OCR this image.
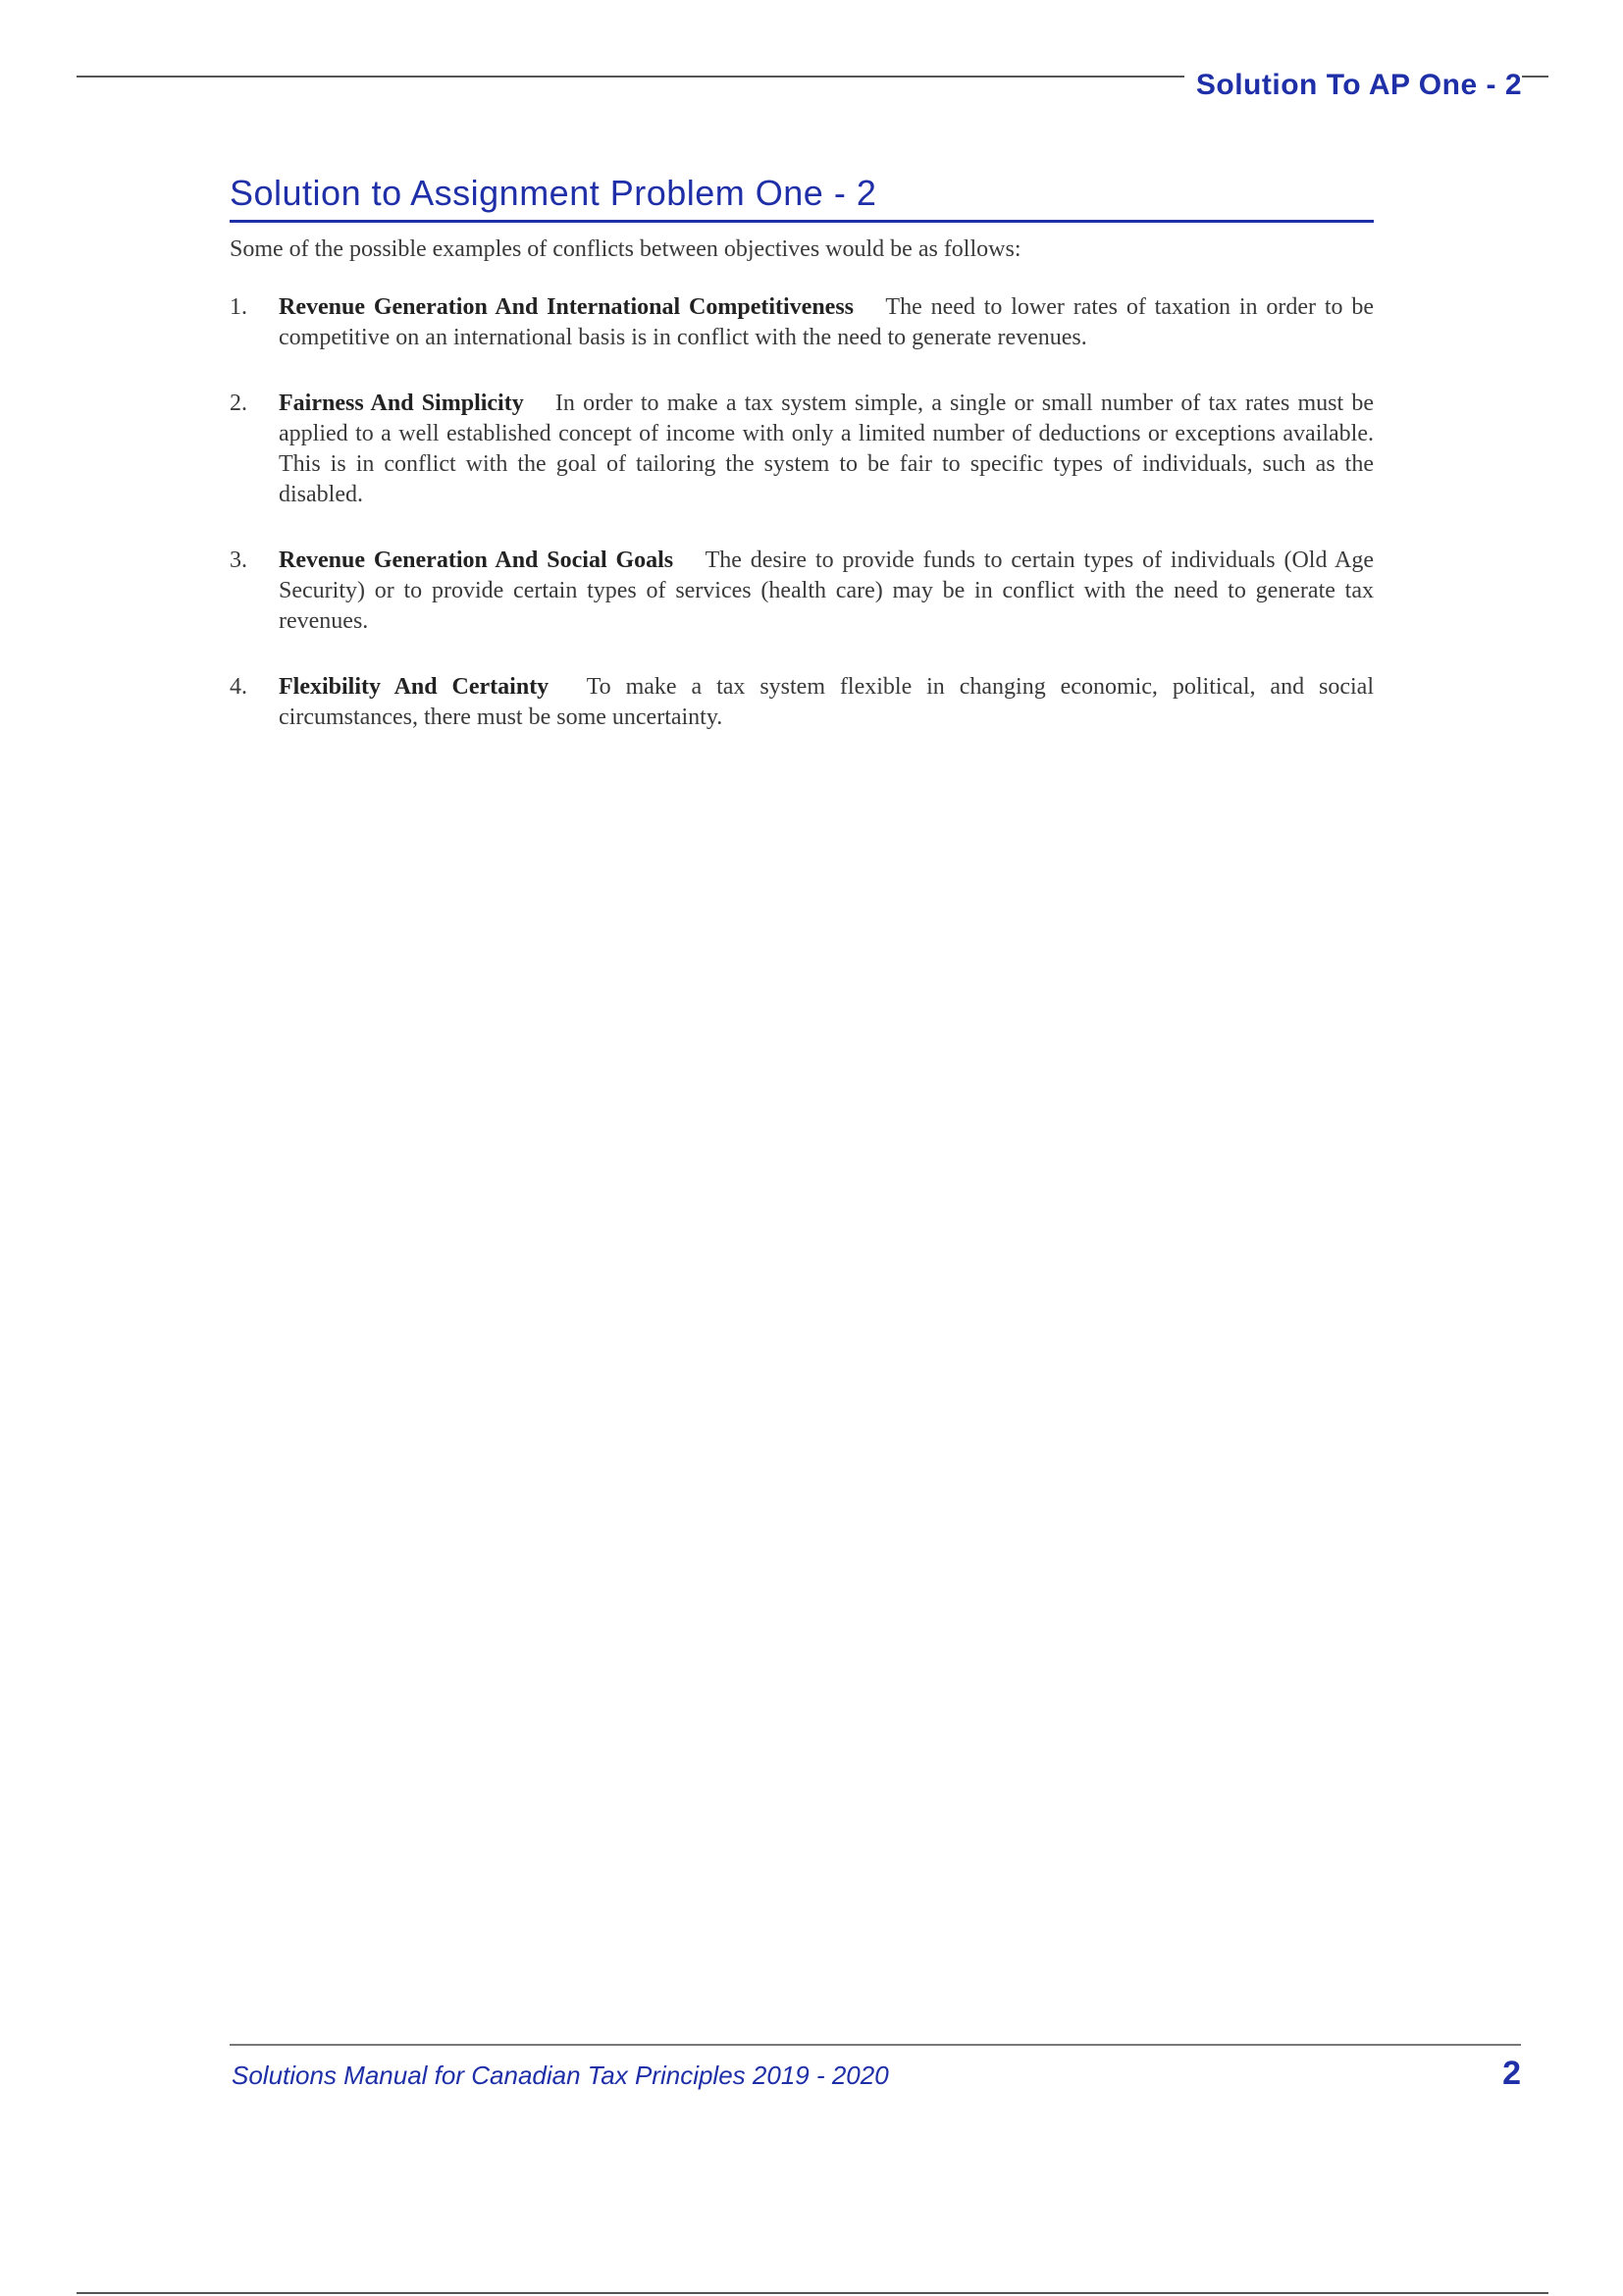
Solution To AP One - 2
Solution to Assignment Problem One - 2

Some of the possible examples of conflicts between objectives would be as follows:

1. Revenue Generation And International Competitiveness The need to lower rates of taxation in order to be competitive on an international basis is in conflict with the need to generate revenues.
2. Fairness And Simplicity In order to make a tax system simple, a single or small number of tax rates must be applied to a well established concept of income with only a limited number of deductions or exceptions available. This is in conflict with the goal of tailoring the system to be fair to specific types of individuals, such as the disabled.
3. Revenue Generation And Social Goals The desire to provide funds to certain types of individuals (Old Age Security) or to provide certain types of services (health care) may be in conflict with the need to generate tax revenues.
4. Flexibility And Certainty To make a tax system flexible in changing economic, political, and social circumstances, there must be some uncertainty.
Solutions Manual for Canadian Tax Principles 2019 - 2020	2
